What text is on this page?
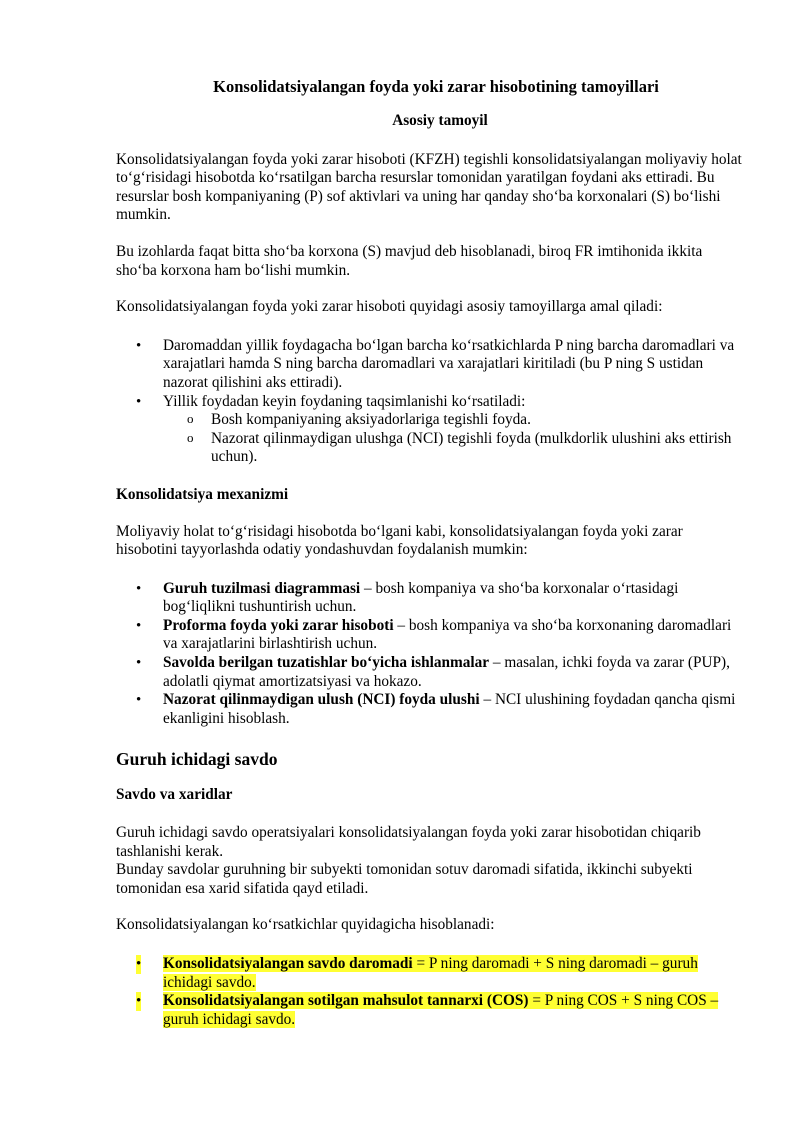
Konsolidatsiyalangan foyda yoki zarar hisobotining tamoyillari

Asosiy tamoyil

Konsolidatsiyalangan foyda yoki zarar hisoboti (KFZH) tegishli konsolidatsiyalangan moliyaviy holat to‘g‘risidagi hisobotda ko‘rsatilgan barcha resurslar tomonidan yaratilgan foydani aks ettiradi. Bu resurslar bosh kompaniyaning (P) sof aktivlari va uning har qanday sho‘ba korxonalari (S) bo‘lishi mumkin.

Bu izohlarda faqat bitta sho‘ba korxona (S) mavjud deb hisoblanadi, biroq FR imtihonida ikkita sho‘ba korxona ham bo‘lishi mumkin.

Konsolidatsiyalangan foyda yoki zarar hisoboti quyidagi asosiy tamoyillarga amal qiladi:

• Daromaddan yillik foydagacha bo‘lgan barcha ko‘rsatkichlarda P ning barcha daromadlari va xarajatlari hamda S ning barcha daromadlari va xarajatlari kiritiladi (bu P ning S ustidan nazorat qilishini aks ettiradi).
• Yillik foydadan keyin foydaning taqsimlanishi ko‘rsatiladi:
o Bosh kompaniyaning aksiyadorlariga tegishli foyda.
o Nazorat qilinmaydigan ulushga (NCI) tegishli foyda (mulkdorlik ulushini aks ettirish uchun).

Konsolidatsiya mexanizmi

Moliyaviy holat to‘g‘risidagi hisobotda bo‘lgani kabi, konsolidatsiyalangan foyda yoki zarar hisobotini tayyorlashda odatiy yondashuvdan foydalanish mumkin:

• Guruh tuzilmasi diagrammasi – bosh kompaniya va sho‘ba korxonalar o‘rtasidagi bog‘liqlikni tushuntirish uchun.
• Proforma foyda yoki zarar hisoboti – bosh kompaniya va sho‘ba korxonaning daromadlari va xarajatlarini birlashtirish uchun.
• Savolda berilgan tuzatishlar bo‘yicha ishlanmalar – masalan, ichki foyda va zarar (PUP), adolatli qiymat amortizatsiyasi va hokazo.
• Nazorat qilinmaydigan ulush (NCI) foyda ulushi – NCI ulushining foydadan qancha qismi ekanligini hisoblash.

Guruh ichidagi savdo

Savdo va xaridlar

Guruh ichidagi savdo operatsiyalari konsolidatsiyalangan foyda yoki zarar hisobotidan chiqarib tashlanishi kerak.

Bunday savdolar guruhning bir subyekti tomonidan sotuv daromadi sifatida, ikkinchi subyekti tomonidan esa xarid sifatida qayd etiladi.

Konsolidatsiyalangan ko‘rsatkichlar quyidagicha hisoblanadi:

• Konsolidatsiyalangan savdo daromadi = P ning daromadi + S ning daromadi – guruh ichidagi savdo.
• Konsolidatsiyalangan sotilgan mahsulot tannarxi (COS) = P ning COS + S ning COS – guruh ichidagi savdo.
